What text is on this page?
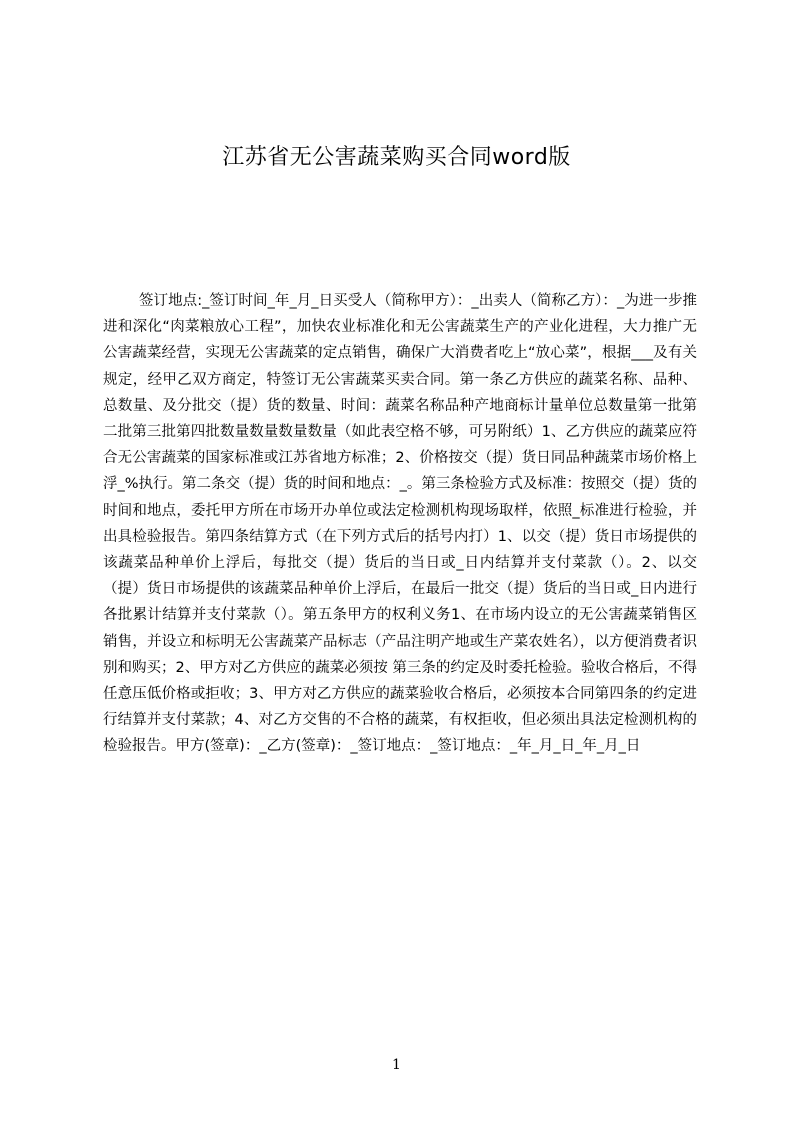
江苏省无公害蔬菜购买合同word版
签订地点:_签订时间_年_月_日买受人（简称甲方）：_出卖人（简称乙方）：_为进一步推进和深化“肉菜粮放心工程”，加快农业标准化和无公害蔬菜生产的产业化进程，大力推广无公害蔬菜经营，实现无公害蔬菜的定点销售，确保广大消费者吃上“放心菜”，根据___及有关规定，经甲乙双方商定，特签订无公害蔬菜买卖合同。第一条乙方供应的蔬菜名称、品种、总数量、及分批交（提）货的数量、时间：蔬菜名称品种产地商标计量单位总数量第一批第二批第三批第四批数量数量数量数量（如此表空格不够，可另附纸）1、乙方供应的蔬菜应符合无公害蔬菜的国家标准或江苏省地方标准；2、价格按交（提）货日同品种蔬菜市场价格上浮_%执行。第二条交（提）货的时间和地点：_。第三条检验方式及标准：按照交（提）货的时间和地点，委托甲方所在市场开办单位或法定检测机构现场取样，依照_标准进行检验，并出具检验报告。第四条结算方式（在下列方式后的括号内打）1、以交（提）货日市场提供的该蔬菜品种单价上浮后，每批交（提）货后的当日或_日内结算并支付菜款（）。2、以交（提）货日市场提供的该蔬菜品种单价上浮后，在最后一批交（提）货后的当日或_日内进行各批累计结算并支付菜款（）。第五条甲方的权利义务1、在市场内设立的无公害蔬菜销售区销售，并设立和标明无公害蔬菜产品标志（产品注明产地或生产菜农姓名），以方便消费者识别和购买；2、甲方对乙方供应的蔬菜必须按 第三条的约定及时委托检验。验收合格后，不得任意压低价格或拒收；3、甲方对乙方供应的蔬菜验收合格后，必须按本合同第四条的约定进行结算并支付菜款；4、对乙方交售的不合格的蔬菜，有权拒收，但必须出具法定检测机构的检验报告。甲方(签章)：_乙方(签章)：_签订地点：_签订地点：_年_月_日_年_月_日
1
